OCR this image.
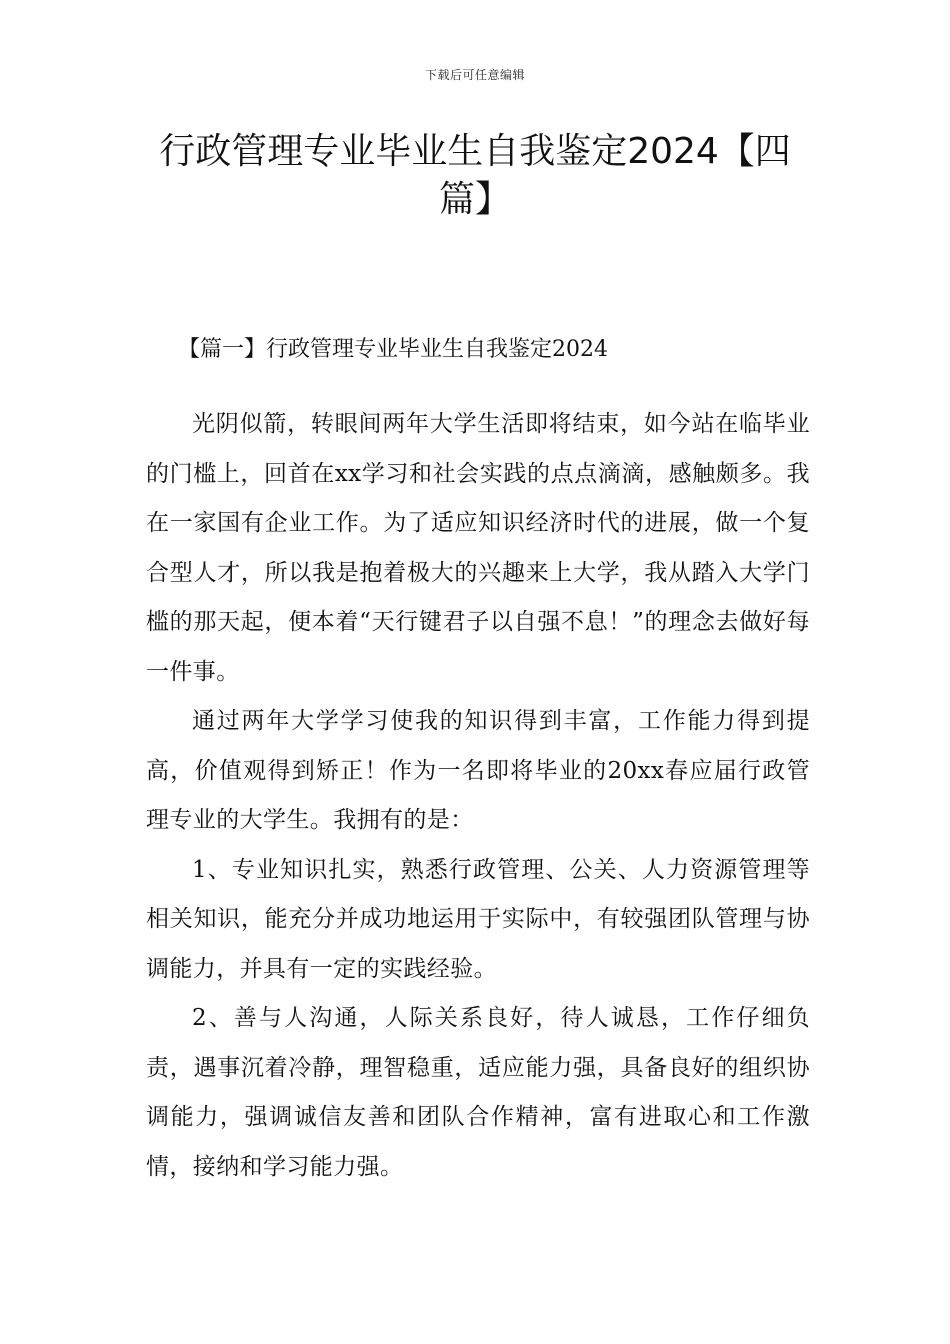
下载后可任意编辑
行政管理专业毕业生自我鉴定2024【四篇】
【篇一】行政管理专业毕业生自我鉴定2024

光阴似箭，转眼间两年大学生活即将结束，如今站在临毕业的门槛上，回首在xx学习和社会实践的点点滴滴，感触颇多。我在一家国有企业工作。为了适应知识经济时代的进展，做一个复合型人才，所以我是抱着极大的兴趣来上大学，我从踏入大学门槛的那天起，便本着“天行键君子以自强不息！”的理念去做好每一件事。

通过两年大学学习使我的知识得到丰富，工作能力得到提高，价值观得到矫正！作为一名即将毕业的20xx春应届行政管理专业的大学生。我拥有的是：

1、专业知识扎实，熟悉行政管理、公关、人力资源管理等相关知识，能充分并成功地运用于实际中，有较强团队管理与协调能力，并具有一定的实践经验。

2、善与人沟通，人际关系良好，待人诚恳，工作仔细负责，遇事沉着冷静，理智稳重，适应能力强，具备良好的组织协调能力，强调诚信友善和团队合作精神，富有进取心和工作激情，接纳和学习能力强。
